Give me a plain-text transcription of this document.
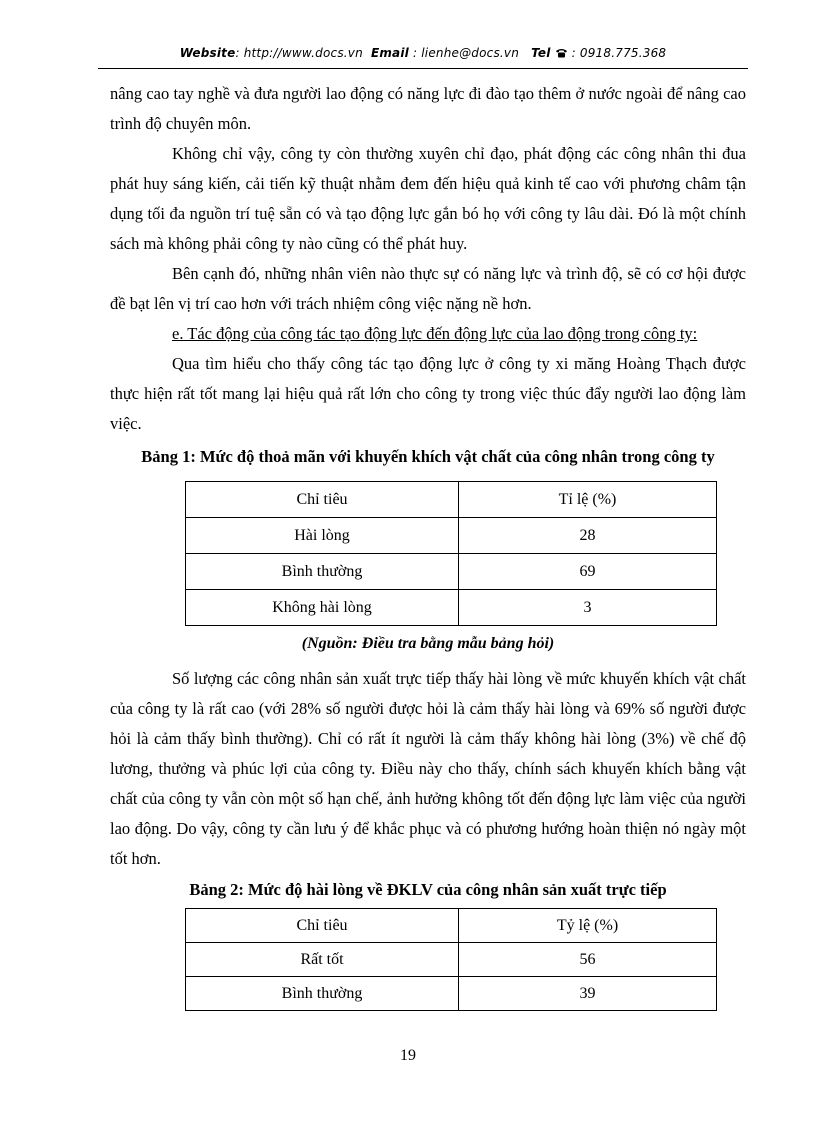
Website: http://www.docs.vn Email : lienhe@docs.vn Tel : 0918.775.368

nâng cao tay nghề và đưa người lao động có năng lực đi đào tạo thêm ở nước ngoài để nâng cao trình độ chuyên môn.

Không chỉ vậy, công ty còn thường xuyên chỉ đạo, phát động các công nhân thi đua phát huy sáng kiến, cải tiến kỹ thuật nhằm đem đến hiệu quả kinh tế cao với phương châm tận dụng tối đa nguồn trí tuệ sẵn có và tạo động lực gắn bó họ với công ty lâu dài. Đó là một chính sách mà không phải công ty nào cũng có thể phát huy.

Bên cạnh đó, những nhân viên nào thực sự có năng lực và trình độ, sẽ có cơ hội được đề bạt lên vị trí cao hơn với trách nhiệm công việc nặng nề hơn.

e. Tác động của công tác tạo động lực đến động lực của lao động trong công ty:

Qua tìm hiểu cho thấy công tác tạo động lực ở công ty xi măng Hoàng Thạch được thực hiện rất tốt mang lại hiệu quả rất lớn cho công ty trong việc thúc đẩy người lao động làm việc.

Bảng 1: Mức độ thoả mãn với khuyến khích vật chất của công nhân trong công ty
Chỉ tiêu	Tỉ lệ (%)
Hài lòng	28
Bình thường	69
Không hài lòng	3
(Nguồn: Điều tra bằng mẫu bảng hỏi)

Số lượng các công nhân sản xuất trực tiếp thấy hài lòng về mức khuyến khích vật chất của công ty là rất cao (với 28% số người được hỏi là cảm thấy hài lòng và 69% số người được hỏi là cảm thấy bình thường). Chỉ có rất ít người là cảm thấy không hài lòng (3%) về chế độ lương, thưởng và phúc lợi của công ty. Điều này cho thấy, chính sách khuyến khích bằng vật chất của công ty vẫn còn một số hạn chế, ảnh hưởng không tốt đến động lực làm việc của người lao động. Do vậy, công ty cần lưu ý để khắc phục và có phương hướng hoàn thiện nó ngày một tốt hơn.

Bảng 2: Mức độ hài lòng về ĐKLV của công nhân sản xuất trực tiếp
Chỉ tiêu	Tỷ lệ (%)
Rất tốt	56
Bình thường	39
19
